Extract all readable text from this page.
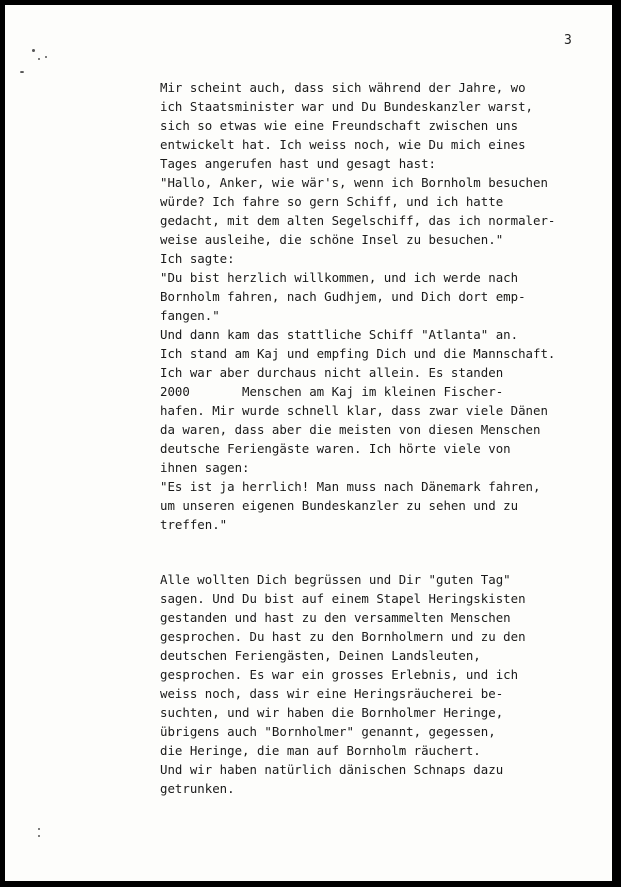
3
Mir scheint auch, dass sich während der Jahre, wo
ich Staatsminister war und Du Bundeskanzler warst,
sich so etwas wie eine Freundschaft zwischen uns
entwickelt hat. Ich weiss noch, wie Du mich eines
Tages angerufen hast und gesagt hast:
"Hallo, Anker, wie wär's, wenn ich Bornholm besuchen
würde? Ich fahre so gern Schiff, und ich hatte
gedacht, mit dem alten Segelschiff, das ich normaler-
weise ausleihe, die schöne Insel zu besuchen."
Ich sagte:
"Du bist herzlich willkommen, und ich werde nach
Bornholm fahren, nach Gudhjem, und Dich dort emp-
fangen."
Und dann kam das stattliche Schiff "Atlanta" an.
Ich stand am Kaj und empfing Dich und die Mannschaft.
Ich war aber durchaus nicht allein. Es standen
2000       Menschen am Kaj im kleinen Fischer-
hafen. Mir wurde schnell klar, dass zwar viele Dänen
da waren, dass aber die meisten von diesen Menschen
deutsche Feriengäste waren. Ich hörte viele von
ihnen sagen:
"Es ist ja herrlich! Man muss nach Dänemark fahren,
um unseren eigenen Bundeskanzler zu sehen und zu
treffen."
Alle wollten Dich begrüssen und Dir "guten Tag"
sagen. Und Du bist auf einem Stapel Heringskisten
gestanden und hast zu den versammelten Menschen
gesprochen. Du hast zu den Bornholmern und zu den
deutschen Feriengästen, Deinen Landsleuten,
gesprochen. Es war ein grosses Erlebnis, und ich
weiss noch, dass wir eine Heringsräucherei be-
suchten, und wir haben die Bornholmer Heringe,
übrigens auch "Bornholmer" genannt, gegessen,
die Heringe, die man auf Bornholm räuchert.
Und wir haben natürlich dänischen Schnaps dazu
getrunken.
